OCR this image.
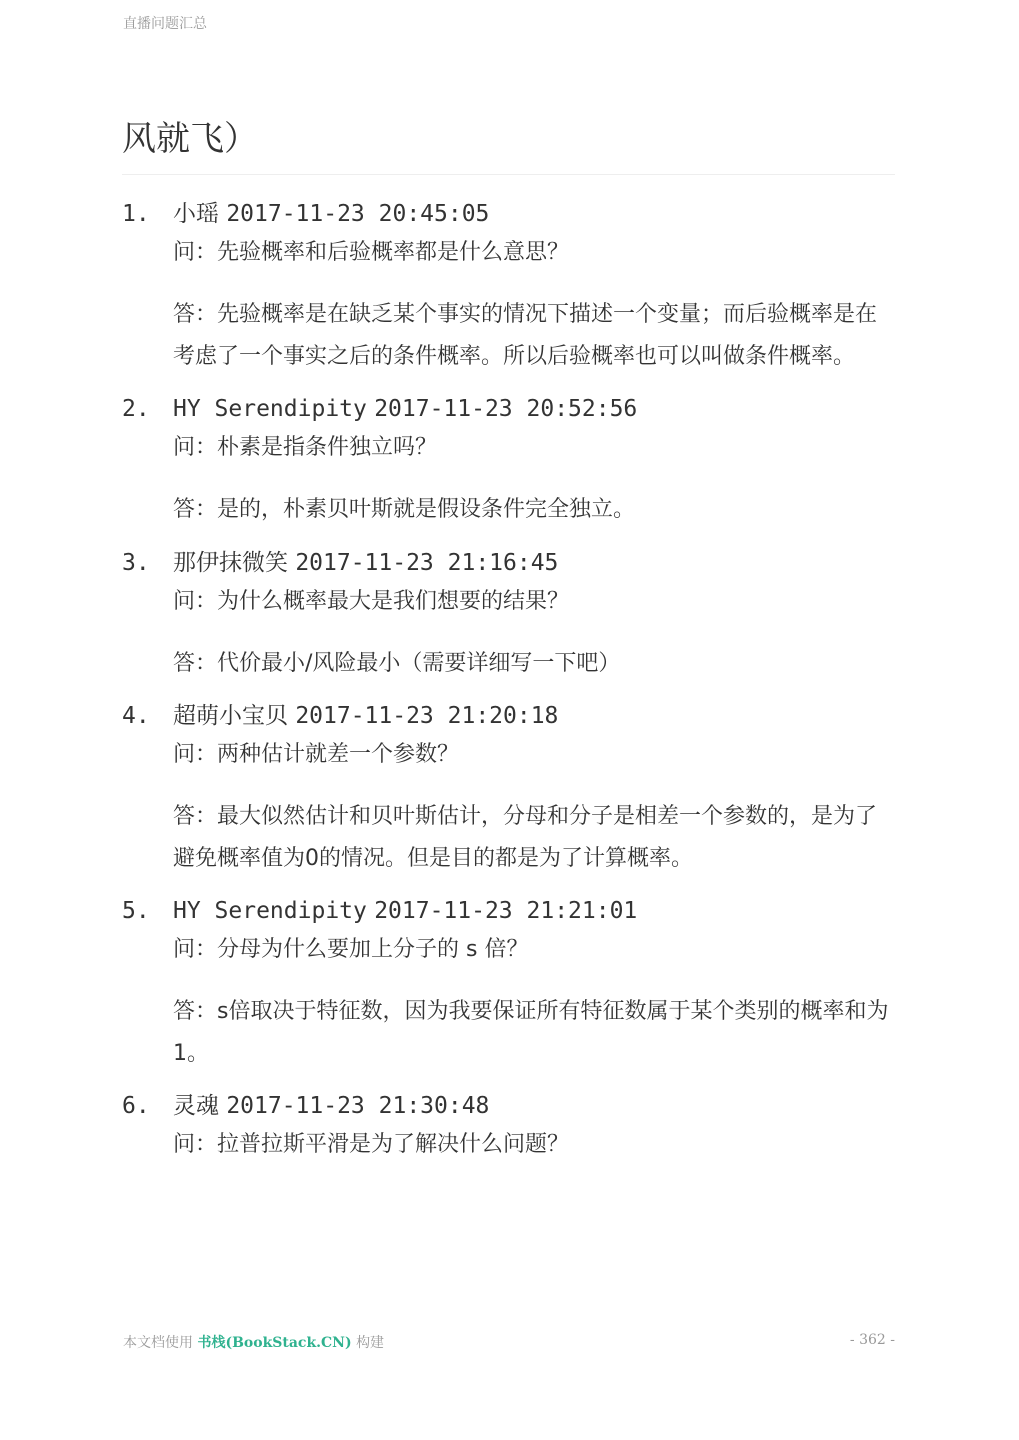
直播问题汇总
风就飞）
1. 小瑶 2017-11-23 20:45:05

问：先验概率和后验概率都是什么意思？

答：先验概率是在缺乏某个事实的情况下描述一个变量；而后验概率是在考虑了一个事实之后的条件概率。所以后验概率也可以叫做条件概率。

2. HY Serendipity 2017-11-23 20:52:56

问：朴素是指条件独立吗？

答：是的，朴素贝叶斯就是假设条件完全独立。

3. 那伊抹微笑 2017-11-23 21:16:45

问：为什么概率最大是我们想要的结果？

答：代价最小/风险最小（需要详细写一下吧）

4. 超萌小宝贝 2017-11-23 21:20:18

问：两种估计就差一个参数？

答：最大似然估计和贝叶斯估计，分母和分子是相差一个参数的，是为了避免概率值为0的情况。但是目的都是为了计算概率。

5. HY Serendipity 2017-11-23 21:21:01

问：分母为什么要加上分子的 s 倍？

答：s倍取决于特征数，因为我要保证所有特征数属于某个类别的概率和为1。

6. 灵魂 2017-11-23 21:30:48

问：拉普拉斯平滑是为了解决什么问题？

本文档使用 书栈(BookStack.CN) 构建	- 362 -
